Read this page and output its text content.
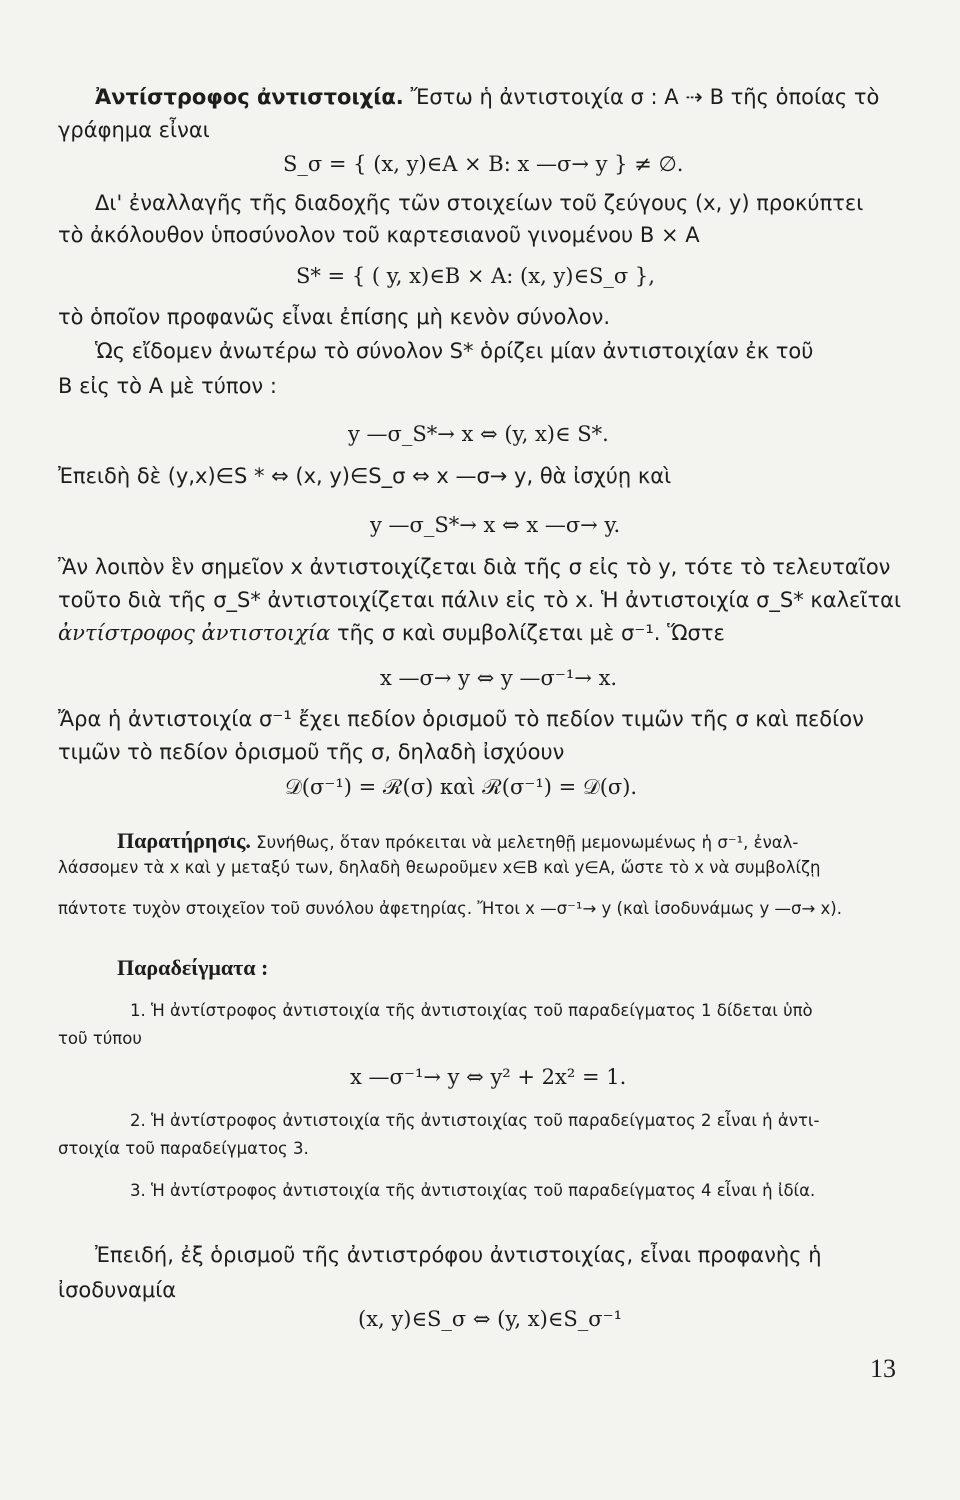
Ἀντίστροφος ἀντιστοιχία. Ἔστω ἡ ἀντιστοιχία σ : A ⇢ B τῆς ὁποίας τὸ
γράφημα εἶναι
S_σ = { (x, y)∈A × B: x —σ→ y } ≠ ∅.
Δι' ἐναλλαγῆς τῆς διαδοχῆς τῶν στοιχείων τοῦ ζεύγους (x, y) προκύπτει
τὸ ἀκόλουθον ὑποσύνολον τοῦ καρτεσιανοῦ γινομένου B × A
S* = { ( y, x)∈B × A: (x, y)∈S_σ },
τὸ ὁποῖον προφανῶς εἶναι ἐπίσης μὴ κενὸν σύνολον.
Ὡς εἴδομεν ἀνωτέρω τὸ σύνολον S* ὁρίζει μίαν ἀντιστοιχίαν ἐκ τοῦ
B εἰς τὸ A μὲ τύπον :
y —σ_S*→ x ⇔ (y, x)∈ S*.
Ἐπειδὴ δὲ (y,x)∈S * ⇔ (x, y)∈S_σ ⇔ x —σ→ y, θὰ ἰσχύῃ καὶ
y —σ_S*→ x ⇔ x —σ→ y.
Ἂν λοιπὸν ἓν σημεῖον x ἀντιστοιχίζεται διὰ τῆς σ εἰς τὸ y, τότε τὸ τελευταῖον
τοῦτο διὰ τῆς σ_S* ἀντιστοιχίζεται πάλιν εἰς τὸ x. Ἡ ἀντιστοιχία σ_S* καλεῖται
ἀντίστροφος ἀντιστοιχία τῆς σ καὶ συμβολίζεται μὲ σ⁻¹. Ὥστε
x —σ→ y ⇔ y —σ⁻¹→ x.
Ἄρα ἡ ἀντιστοιχία σ⁻¹ ἔχει πεδίον ὁρισμοῦ τὸ πεδίον τιμῶν τῆς σ καὶ πεδίον
τιμῶν τὸ πεδίον ὁρισμοῦ τῆς σ, δηλαδὴ ἰσχύουν
𝒟(σ⁻¹) = ℛ(σ) καὶ ℛ(σ⁻¹) = 𝒟(σ).
Παρατήρησις. Συνήθως, ὅταν πρόκειται νὰ μελετηθῇ μεμονωμένως ἡ σ⁻¹, ἐναλ-
λάσσομεν τὰ x καὶ y μεταξύ των, δηλαδὴ θεωροῦμεν x∈B καὶ y∈A, ὥστε τὸ x νὰ συμβολίζῃ
πάντοτε τυχὸν στοιχεῖον τοῦ συνόλου ἀφετηρίας. Ἤτοι x —σ⁻¹→ y (καὶ ἰσοδυνάμως y —σ→ x).
Παραδείγματα :
1. Ἡ ἀντίστροφος ἀντιστοιχία τῆς ἀντιστοιχίας τοῦ παραδείγματος 1 δίδεται ὑπὸ
τοῦ τύπου
x —σ⁻¹→ y ⇔ y² + 2x² = 1.
2. Ἡ ἀντίστροφος ἀντιστοιχία τῆς ἀντιστοιχίας τοῦ παραδείγματος 2 εἶναι ἡ ἀντι-
στοιχία τοῦ παραδείγματος 3.
3. Ἡ ἀντίστροφος ἀντιστοιχία τῆς ἀντιστοιχίας τοῦ παραδείγματος 4 εἶναι ἡ ἰδία.
Ἐπειδή, ἐξ ὁρισμοῦ τῆς ἀντιστρόφου ἀντιστοιχίας, εἶναι προφανὴς ἡ
ἰσοδυναμία
(x, y)∈S_σ ⇔ (y, x)∈S_σ⁻¹
13
